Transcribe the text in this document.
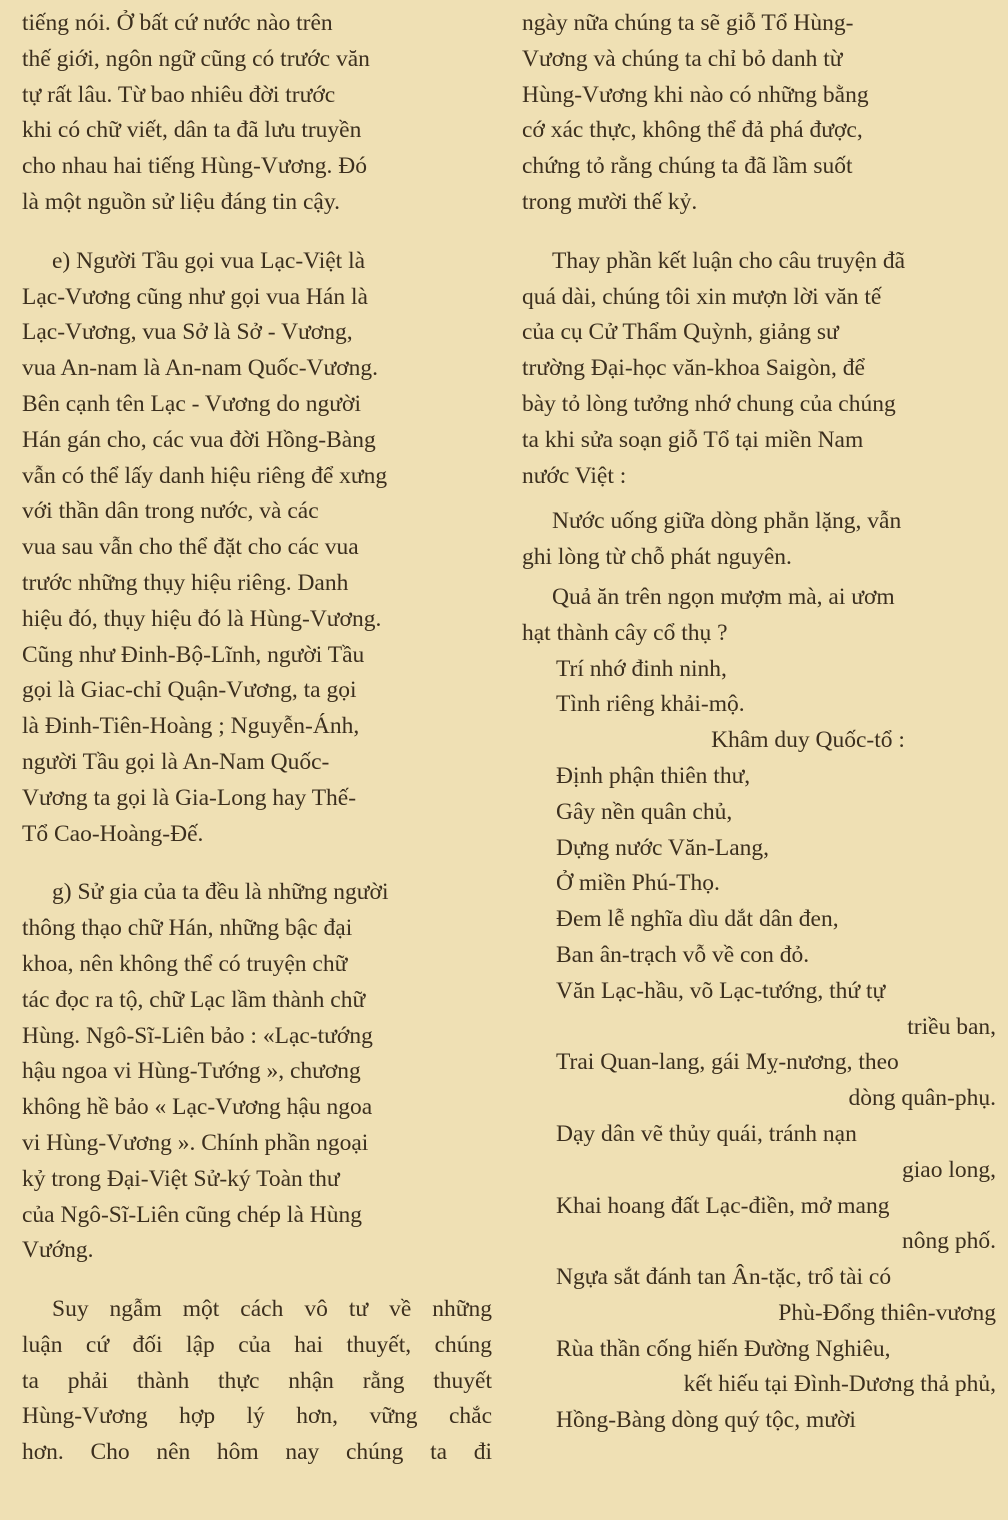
tiếng nói. Ở bất cứ nước nào trên
thế giới, ngôn ngữ cũng có trước văn
tự rất lâu. Từ bao nhiêu đời trước
khi có chữ viết, dân ta đã lưu truyền
cho nhau hai tiếng Hùng-Vương. Đó
là một nguồn sử liệu đáng tin cậy.

e) Người Tầu gọi vua Lạc-Việt là
Lạc-Vương cũng như gọi vua Hán là
Lạc-Vương, vua Sở là Sở - Vương,
vua An-nam là An-nam Quốc-Vương.
Bên cạnh tên Lạc - Vương do người
Hán gán cho, các vua đời Hồng-Bàng
vẫn có thể lấy danh hiệu riêng để xưng
với thần dân trong nước, và các
vua sau vẫn cho thể đặt cho các vua
trước những thụy hiệu riêng. Danh
hiệu đó, thụy hiệu đó là Hùng-Vương.
Cũng như Đinh-Bộ-Lĩnh, người Tầu
gọi là Giac-chỉ Quận-Vương, ta gọi
là Đinh-Tiên-Hoàng ; Nguyễn-Ánh,
người Tầu gọi là An-Nam Quốc-
Vương ta gọi là Gia-Long hay Thế-
Tổ Cao-Hoàng-Đế.

g) Sử gia của ta đều là những người
thông thạo chữ Hán, những bậc đại
khoa, nên không thể có truyện chữ
tác đọc ra tộ, chữ Lạc lầm thành chữ
Hùng. Ngô-Sĩ-Liên bảo : «Lạc-tướng
hậu ngoa vi Hùng-Tướng », chương
không hề bảo « Lạc-Vương hậu ngoa
vi Hùng-Vương ». Chính phần ngoại
kỷ trong Đại-Việt Sử-ký Toàn thư
của Ngô-Sĩ-Liên cũng chép là Hùng
Vướng.

Suy ngẫm một cách vô tư về những
luận cứ đối lập của hai thuyết, chúng
ta phải thành thực nhận rằng thuyết
Hùng-Vương hợp lý hơn, vững chắc
hơn. Cho nên hôm nay chúng ta đi

ngày nữa chúng ta sẽ giỗ Tổ Hùng-
Vương và chúng ta chỉ bỏ danh từ
Hùng-Vương khi nào có những bằng
cớ xác thực, không thể đả phá được,
chứng tỏ rằng chúng ta đã lầm suốt
trong mười thế kỷ.

Thay phần kết luận cho câu truyện đã
quá dài, chúng tôi xin mượn lời văn tế
của cụ Cử Thẩm Quỳnh, giảng sư
trường Đại-học văn-khoa Saigòn, để
bày tỏ lòng tưởng nhớ chung của chúng
ta khi sửa soạn giỗ Tổ tại miền Nam
nước Việt :

Nước uống giữa dòng phẳn lặng, vẫn
ghi lòng từ chỗ phát nguyên.

Quả ăn trên ngọn mượm mà, ai ươm
hạt thành cây cổ thụ ?

Trí nhớ đinh ninh,
Tình riêng khải-mộ.
Khâm duy Quốc-tổ :
Định phận thiên thư,
Gây nền quân chủ,
Dựng nước Văn-Lang,
Ở miền Phú-Thọ.
Đem lễ nghĩa dìu dắt dân đen,
Ban ân-trạch vỗ về con đỏ.
Văn Lạc-hầu, võ Lạc-tướng, thứ tự
triều ban,
Trai Quan-lang, gái Mỵ-nương, theo
dòng quân-phụ.
Dạy dân vẽ thủy quái, tránh nạn
giao long,
Khai hoang đất Lạc-điền, mở mang
nông phố.
Ngựa sắt đánh tan Ân-tặc, trổ tài có
Phù-Đổng thiên-vương
Rùa thần cống hiến Đường Nghiêu,
kết hiếu tại Đình-Dương thả phủ,
Hồng-Bàng dòng quý tộc, mười
